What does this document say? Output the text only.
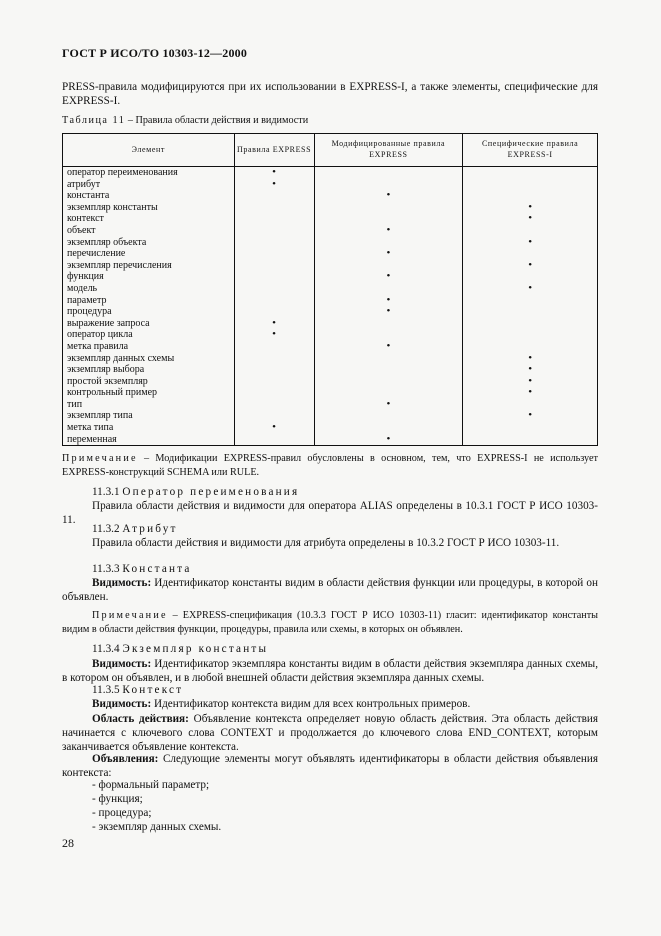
ГОСТ Р ИСО/ТО 10303-12—2000
PRESS-правила модифицируются при их использовании в EXPRESS-I, а также элементы, специфические для EXPRESS-I.
Таблица 11 – Правила области действия и видимости
Элемент	Правила EXPRESS	Модифицированные правила EXPRESS	Специфические правила EXPRESS-I
оператор переименования	•		
атрибут	•		
константа		•	
экземпляр константы			•
контекст			•
объект		•	
экземпляр объекта			•
перечисление		•	
экземпляр перечисления			•
функция		•	
модель			•
параметр		•	
процедура		•	
выражение запроса	•		
оператор цикла	•		
метка правила		•	
экземпляр данных схемы			•
экземпляр выбора			•
простой экземпляр			•
контрольный пример			•
тип		•	
экземпляр типа			•
метка типа	•		
переменная		•	
Примечание – Модификации EXPRESS-правил обусловлены в основном, тем, что EXPRESS-I не использует EXPRESS-конструкций SCHEMA или RULE.
11.3.1 Оператор переименования
Правила области действия и видимости для оператора ALIAS определены в 10.3.1 ГОСТ Р ИСО 10303-11.
11.3.2 Атрибут
Правила области действия и видимости для атрибута определены в 10.3.2 ГОСТ Р ИСО 10303-11.
11.3.3 Константа
Видимость: Идентификатор константы видим в области действия функции или процедуры, в которой он объявлен.
Примечание – EXPRESS-спецификация (10.3.3 ГОСТ Р ИСО 10303-11) гласит: идентификатор константы видим в области действия функции, процедуры, правила или схемы, в которых он объявлен.
11.3.4 Экземпляр константы
Видимость: Идентификатор экземпляра константы видим в области действия экземпляра данных схемы, в котором он объявлен, и в любой внешней области действия экземпляра данных схемы.
11.3.5 Контекст
Видимость: Идентификатор контекста видим для всех контрольных примеров.
Область действия: Объявление контекста определяет новую область действия. Эта область действия начинается с ключевого слова CONTEXT и продолжается до ключевого слова END_CONTEXT, которым заканчивается объявление контекста.
Объявления: Следующие элементы могут объявлять идентификаторы в области действия объявления контекста:
- формальный параметр;
- функция;
- процедура;
- экземпляр данных схемы.
28
